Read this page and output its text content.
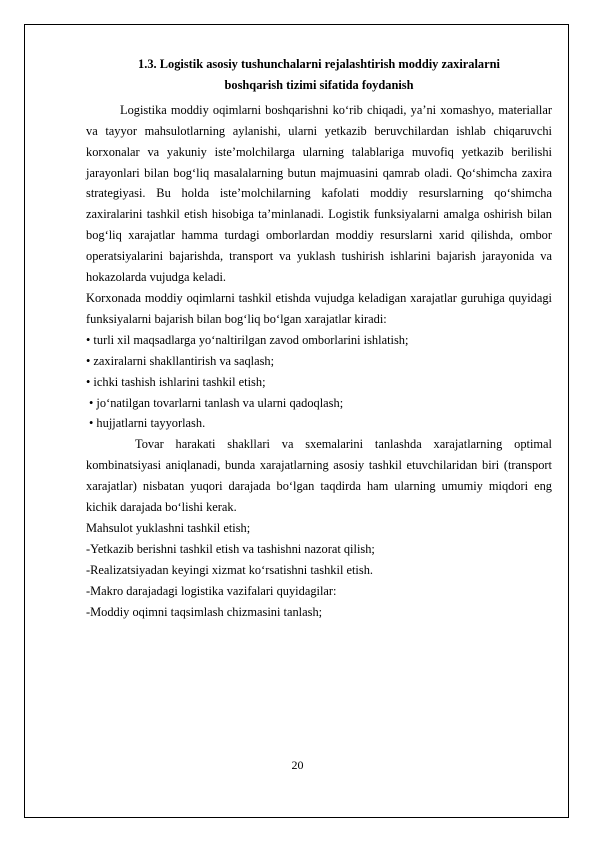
1.3. Logistik asosiy tushunchalarni rejalashtirish moddiy zaxiralarni
boshqarish tizimi sifatida foydanish

Logistika moddiy oqimlarni boshqarishni ko‘rib chiqadi, ya’ni xomashyo, materiallar va tayyor mahsulotlarning aylanishi, ularni yetkazib beruvchilardan ishlab chiqaruvchi korxonalar va yakuniy iste’molchilarga ularning talablariga muvofiq yetkazib berilishi jarayonlari bilan bog‘liq masalalarning butun majmuasini qamrab oladi. Qo‘shimcha zaxira strategiyasi. Bu holda iste’molchilarning kafolati moddiy resurslarning qo‘shimcha zaxiralarini tashkil etish hisobiga ta’minlanadi. Logistik funksiyalarni amalga oshirish bilan bog‘liq xarajatlar hamma turdagi omborlardan moddiy resurslarni xarid qilishda, ombor operatsiyalarini bajarishda, transport va yuklash tushirish ishlarini bajarish jarayonida va hokazolarda vujudga keladi.

Korxonada moddiy oqimlarni tashkil etishda vujudga keladigan xarajatlar guruhiga quyidagi funksiyalarni bajarish bilan bog‘liq bo‘lgan xarajatlar kiradi:

• turli xil maqsadlarga yo‘naltirilgan zavod omborlarini ishlatish;

• zaxiralarni shakllantirish va saqlash;

• ichki tashish ishlarini tashkil etish;

• jo‘natilgan tovarlarni tanlash va ularni qadoqlash;

• hujjatlarni tayyorlash.

Tovar harakati shakllari va sxemalarini tanlashda xarajatlarning optimal kombinatsiyasi aniqlanadi, bunda xarajatlarning asosiy tashkil etuvchilaridan biri (transport xarajatlar) nisbatan yuqori darajada bo‘lgan taqdirda ham ularning umumiy miqdori eng kichik darajada bo‘lishi kerak.

Mahsulot yuklashni tashkil etish;

-Yetkazib berishni tashkil etish va tashishni nazorat qilish;

-Realizatsiyadan keyingi xizmat ko‘rsatishni tashkil etish.

-Makro darajadagi logistika vazifalari quyidagilar:

-Moddiy oqimni taqsimlash chizmasini tanlash;

20
